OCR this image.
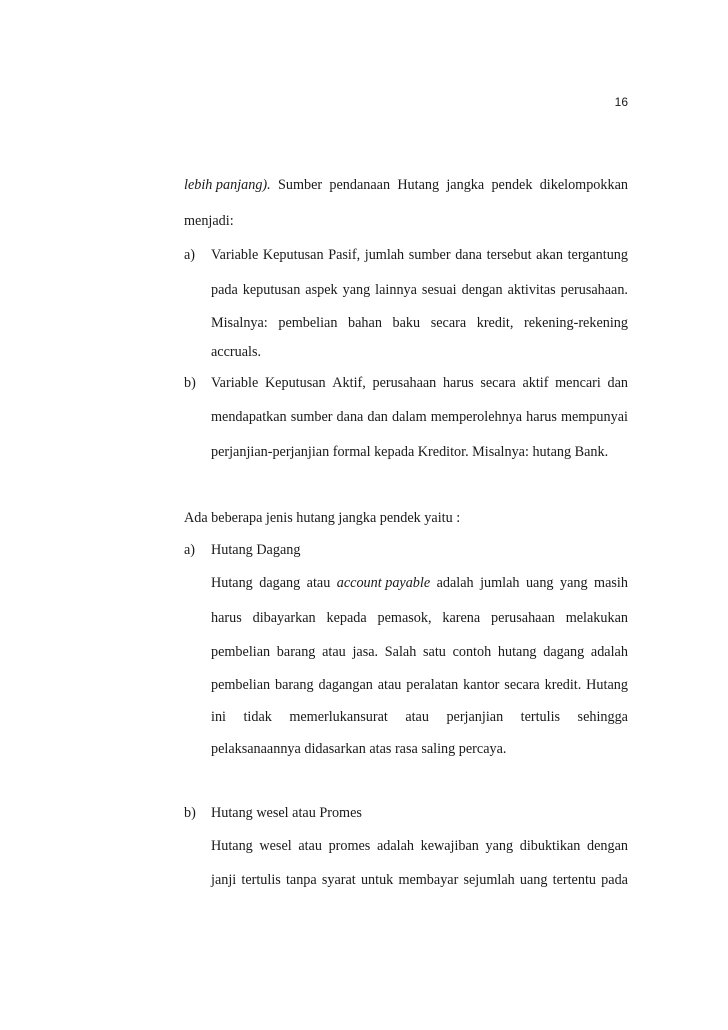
16
lebih panjang). Sumber pendanaan Hutang jangka pendek dikelompokkan
menjadi:
a) Variable Keputusan Pasif, jumlah sumber dana tersebut akan tergantung
pada keputusan aspek yang lainnya sesuai dengan aktivitas perusahaan.
Misalnya: pembelian bahan baku secara kredit, rekening-rekening
accruals.
b) Variable Keputusan Aktif, perusahaan harus secara aktif mencari dan
mendapatkan sumber dana dan dalam memperolehnya harus mempunyai
perjanjian-perjanjian formal kepada Kreditor. Misalnya: hutang Bank.
Ada beberapa jenis hutang jangka pendek yaitu :
a) Hutang Dagang
Hutang dagang atau account payable adalah jumlah uang yang masih
harus dibayarkan kepada pemasok, karena perusahaan melakukan
pembelian barang atau jasa. Salah satu contoh hutang dagang adalah
pembelian barang dagangan atau peralatan kantor secara kredit. Hutang
ini tidak memerlukansurat atau perjanjian tertulis sehingga
pelaksanaannya didasarkan atas rasa saling percaya.
b) Hutang wesel atau Promes
Hutang wesel atau promes adalah kewajiban yang dibuktikan dengan
janji tertulis tanpa syarat untuk membayar sejumlah uang tertentu pada
